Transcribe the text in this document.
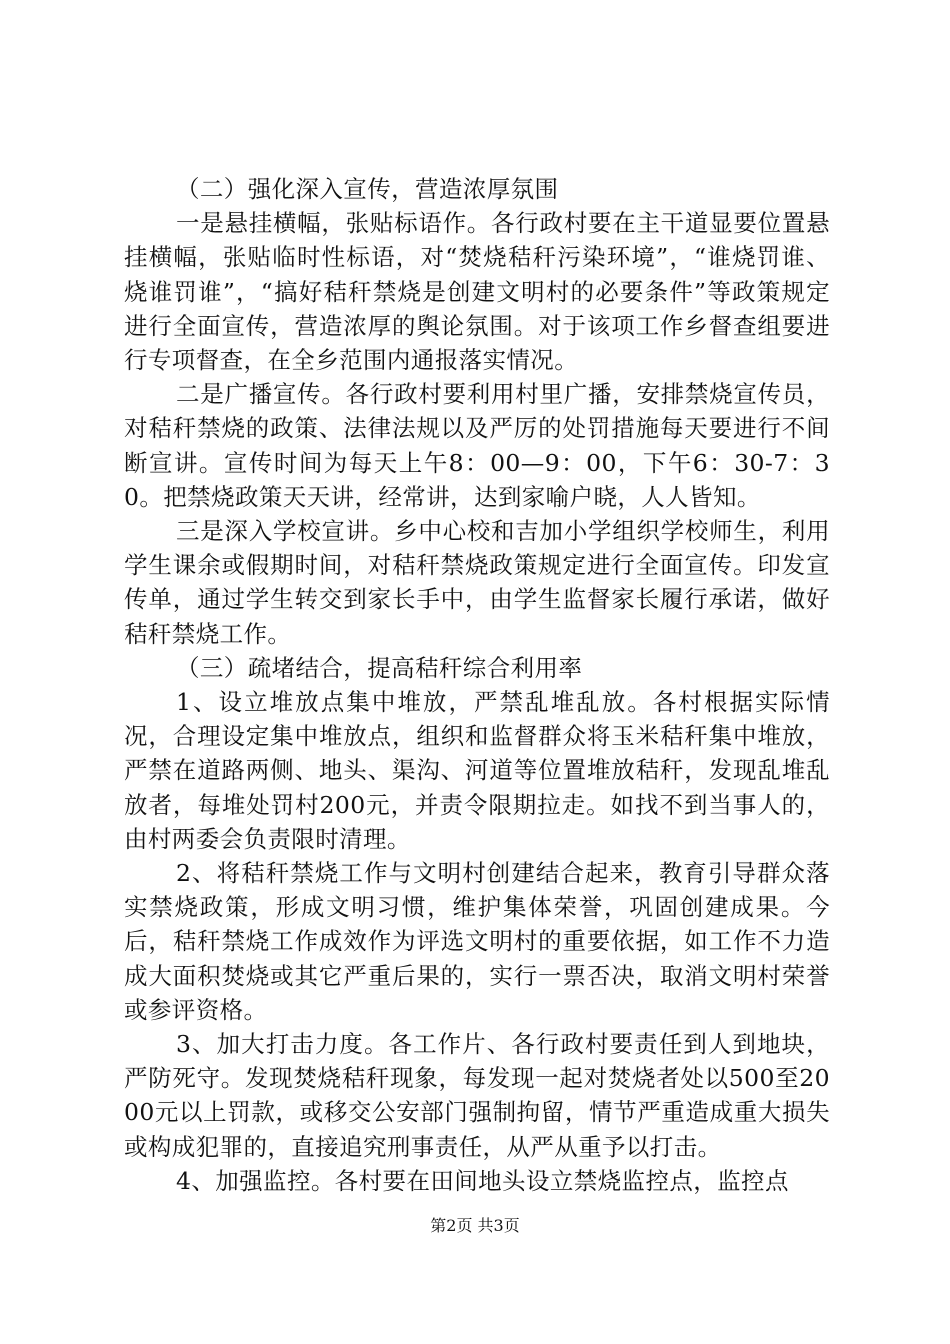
（二）强化深入宣传，营造浓厚氛围

一是悬挂横幅，张贴标语作。各行政村要在主干道显要位置悬挂横幅，张贴临时性标语，对“焚烧秸秆污染环境”，“谁烧罚谁、烧谁罚谁”，“搞好秸秆禁烧是创建文明村的必要条件”等政策规定进行全面宣传，营造浓厚的舆论氛围。对于该项工作乡督查组要进行专项督查，在全乡范围内通报落实情况。

二是广播宣传。各行政村要利用村里广播，安排禁烧宣传员，对秸秆禁烧的政策、法律法规以及严厉的处罚措施每天要进行不间断宣讲。宣传时间为每天上午8：00—9：00，下午6：30-7：30。把禁烧政策天天讲，经常讲，达到家喻户晓，人人皆知。

三是深入学校宣讲。乡中心校和吉加小学组织学校师生，利用学生课余或假期时间，对秸秆禁烧政策规定进行全面宣传。印发宣传单，通过学生转交到家长手中，由学生监督家长履行承诺，做好秸秆禁烧工作。

（三）疏堵结合，提高秸秆综合利用率

1、设立堆放点集中堆放，严禁乱堆乱放。各村根据实际情况，合理设定集中堆放点，组织和监督群众将玉米秸秆集中堆放，严禁在道路两侧、地头、渠沟、河道等位置堆放秸秆，发现乱堆乱放者，每堆处罚村200元，并责令限期拉走。如找不到当事人的，由村两委会负责限时清理。

2、将秸秆禁烧工作与文明村创建结合起来，教育引导群众落实禁烧政策，形成文明习惯，维护集体荣誉，巩固创建成果。今后，秸秆禁烧工作成效作为评选文明村的重要依据，如工作不力造成大面积焚烧或其它严重后果的，实行一票否决，取消文明村荣誉或参评资格。

3、加大打击力度。各工作片、各行政村要责任到人到地块，严防死守。发现焚烧秸秆现象，每发现一起对焚烧者处以500至2000元以上罚款，或移交公安部门强制拘留，情节严重造成重大损失或构成犯罪的，直接追究刑事责任，从严从重予以打击。

4、加强监控。各村要在田间地头设立禁烧监控点，监控点

第2页 共3页
